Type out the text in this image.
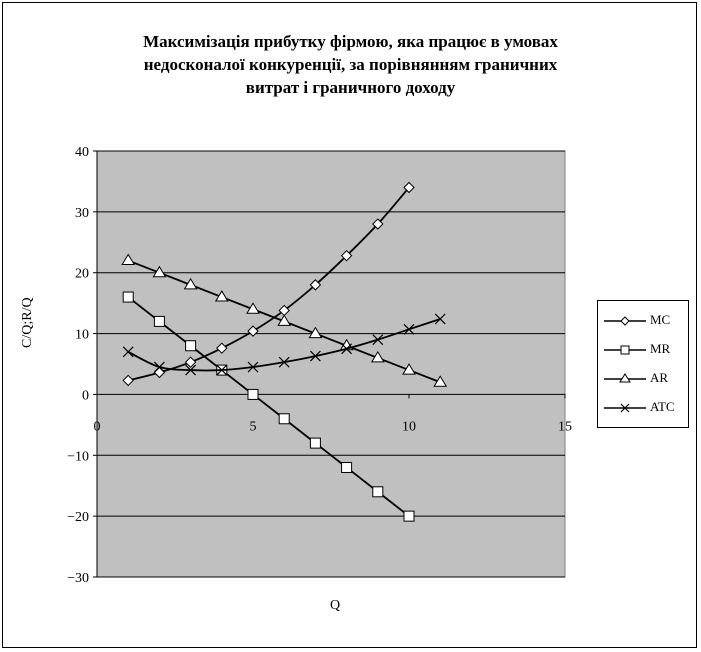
Максимізація прибутку фірмою, яка працює в умовах
недосконалої конкуренції, за порівнянням граничних
витрат і граничного доходу
−30
−20
−10
0
10
20
30
40
0	5	10	15
C/Q;R/Q
Q
MC
MR
AR
ATC
